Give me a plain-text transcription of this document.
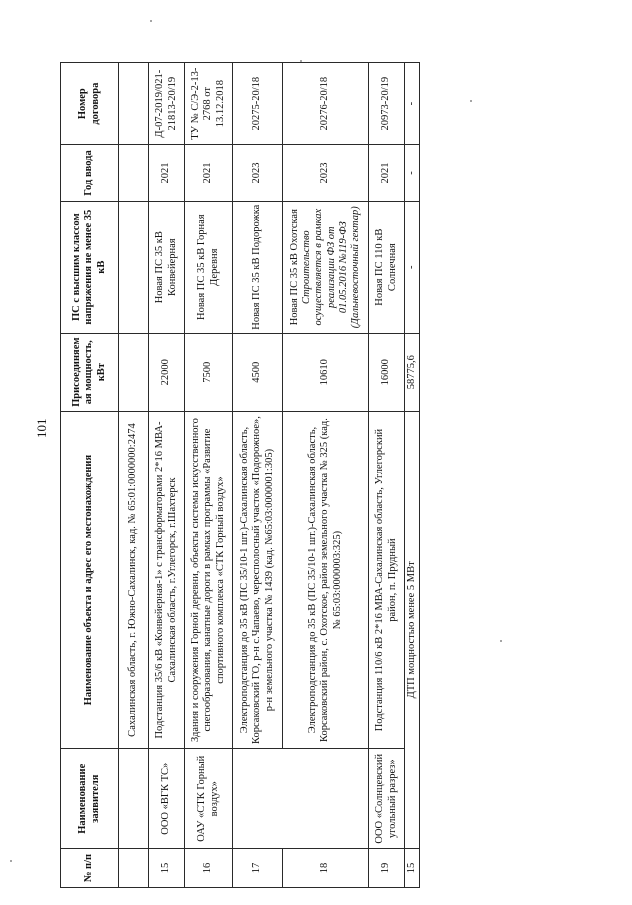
101
№ п/п	Наименование заявителя	Наименование объекта и адрес его местонахождения	Присоединяемая мощность, кВт	ПС с высшим классом напряжения не менее 35 кВ	Год ввода	Номер договора
		Сахалинская область, г. Южно-Сахалинск, кад. № 65:01:0000000:2474				
15	ООО «ВГК ТС»	Подстанция 35/6 кВ «Конвейерная-1» с трансформаторами 2*16 МВА-Сахалинская область, г.Углегорск, г.Шахтерск	22000	Новая ПС 35 кВ Конвейерная	2021	Д-07-2019/021-21813-20/19
16	ОАУ «СТК Горный воздух»	Здания и сооружения Горной деревни, объекты системы искусственного снегообразования, канатные дороги в рамках программы «Развитие спортивного комплекса «СТК Горный воздух»	7500	Новая ПС 35 кВ Горная Деревня	2021	ТУ № С/Э-2-13-2768 от 13.12.2018
17		Электроподстанция до 35 кВ (ПС 35/10-1 шт.)-Сахалинская область, Корсаковский ГО, р-н с.Чапаево, чересполосный участок «Подорожное», р-н земельного участка № 1439 (кад. №65:03:0000001:305)	4500	Новая ПС 35 кВ Подорожка	2023	20275-20/18
18		Электроподстанция до 35 кВ (ПС 35/10-1 шт.)-Сахалинская область, Корсаковский район, с. Охотское, район земельного участка № 325 (кад. № 65:03:0000003:325)	10610	Новая ПС 35 кВ Охотская Строительство осуществляется в рамках реализации ФЗ от 01.05.2016 №119-ФЗ (Дальневосточный гектар)	2023	20276-20/18
19	ООО «Солнцевский угольный разрез»	Подстанция 110/6 кВ 2*16 МВА-Сахалинская область, Углегорский район, п. Прудный	16000	Новая ПС 110 кВ Солнечная	2021	20973-20/19
15	ДТП мощностью менее 5 МВт		58775,6	-	-	-
